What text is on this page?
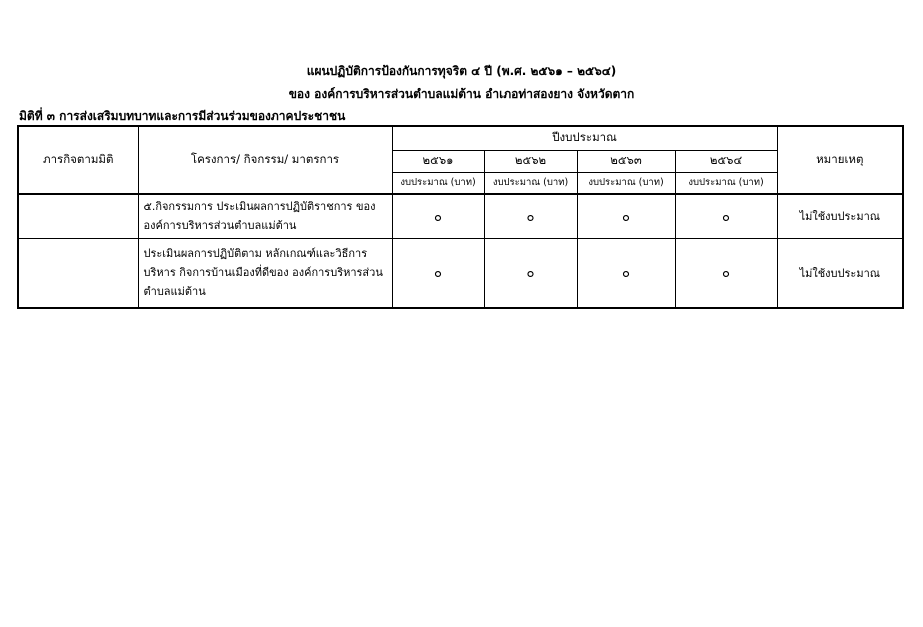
แผนปฏิบัติการป้องกันการทุจริต ๔ ปี (พ.ศ. ๒๕๖๑ – ๒๕๖๔)
ของ องค์การบริหารส่วนตำบลแม่ต้าน อำเภอท่าสองยาง จังหวัดตาก
มิติที่ ๓ การส่งเสริมบทบาทและการมีส่วนร่วมของภาคประชาชน
ภารกิจตามมิติ	โครงการ/ กิจกรรม/ มาตรการ	ปีงบประมาณ				หมายเหตุ
		๒๕๖๑	๒๕๖๒	๒๕๖๓	๒๕๖๔	
		งบประมาณ (บาท)	งบประมาณ (บาท)	งบประมาณ (บาท)	งบประมาณ (บาท)	
	๕.กิจกรรมการ ประเมินผลการปฏิบัติราชการ ของ องค์การบริหารส่วนตำบลแม่ต้าน	๐	๐	๐	๐	ไม่ใช้งบประมาณ
	ประเมินผลการปฏิบัติตาม หลักเกณฑ์และวิธีการบริหาร กิจการบ้านเมืองที่ดีของ องค์การบริหารส่วนตำบลแม่ต้าน	๐	๐	๐	๐	ไม่ใช้งบประมาณ
